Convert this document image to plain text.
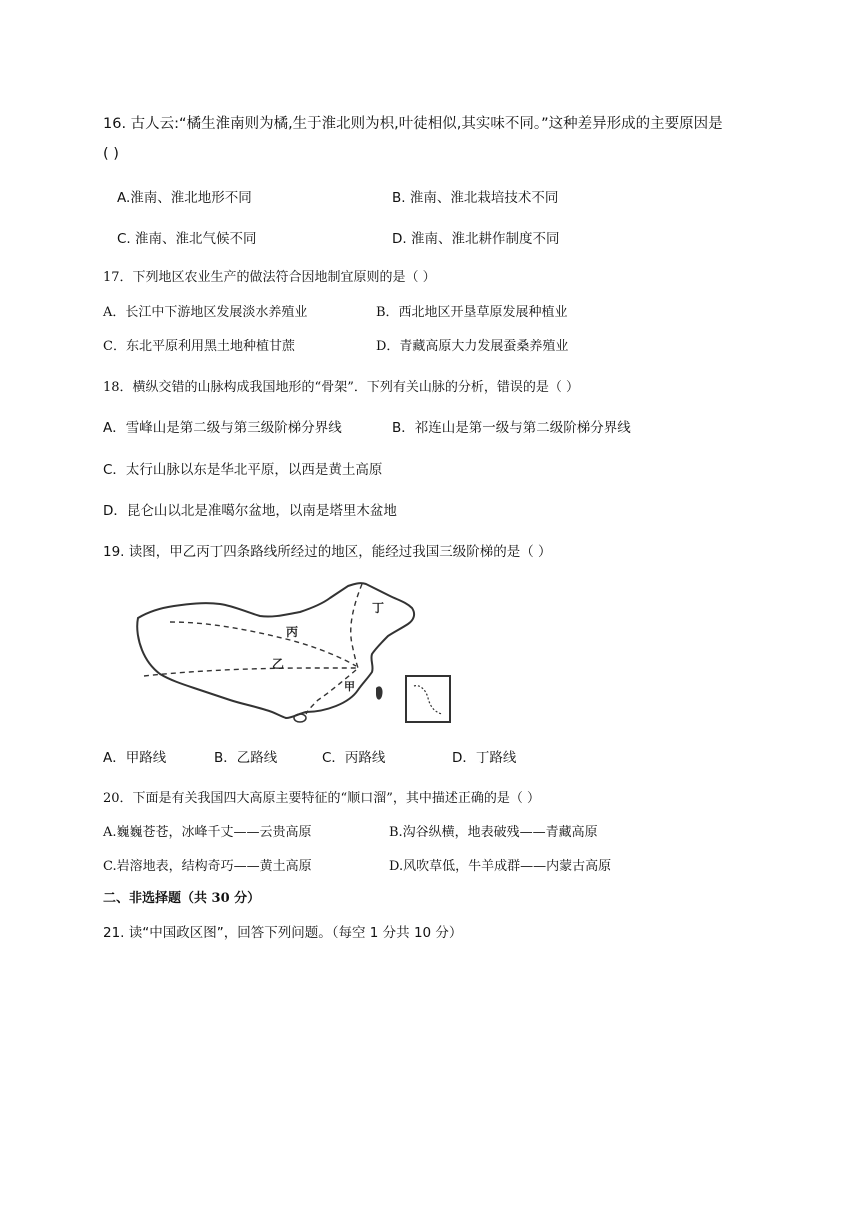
16. 古人云:“橘生淮南则为橘,生于淮北则为枳,叶徒相似,其实味不同。”这种差异形成的主要原因是
( )
A.淮南、淮北地形不同	B. 淮南、淮北栽培技术不同
C. 淮南、淮北气候不同	D. 淮南、淮北耕作制度不同
17．下列地区农业生产的做法符合因地制宜原则的是（ ）
A．长江中下游地区发展淡水养殖业	B．西北地区开垦草原发展种植业
C．东北平原利用黑土地种植甘蔗	D．青藏高原大力发展蚕桑养殖业
18．横纵交错的山脉构成我国地形的“骨架”．下列有关山脉的分析，错误的是（ ）
A．雪峰山是第二级与第三级阶梯分界线	B．祁连山是第一级与第二级阶梯分界线
C．太行山脉以东是华北平原，以西是黄土高原
D．昆仑山以北是准噶尔盆地，以南是塔里木盆地
19. 读图，甲乙丙丁四条路线所经过的地区，能经过我国三级阶梯的是（ ）
丙
乙
丁
甲
A．甲路线	B．乙路线	C．丙路线	D．丁路线
20．下面是有关我国四大高原主要特征的“顺口溜”，其中描述正确的是（ ）
A.巍巍苍苍，冰峰千丈——云贵高原	B.沟谷纵横，地表破残——青藏高原
C.岩溶地表，结构奇巧——黄土高原	D.风吹草低，牛羊成群——内蒙古高原
二、非选择题（共 30 分）
21. 读“中国政区图”，回答下列问题。（每空 1 分共 10 分）
